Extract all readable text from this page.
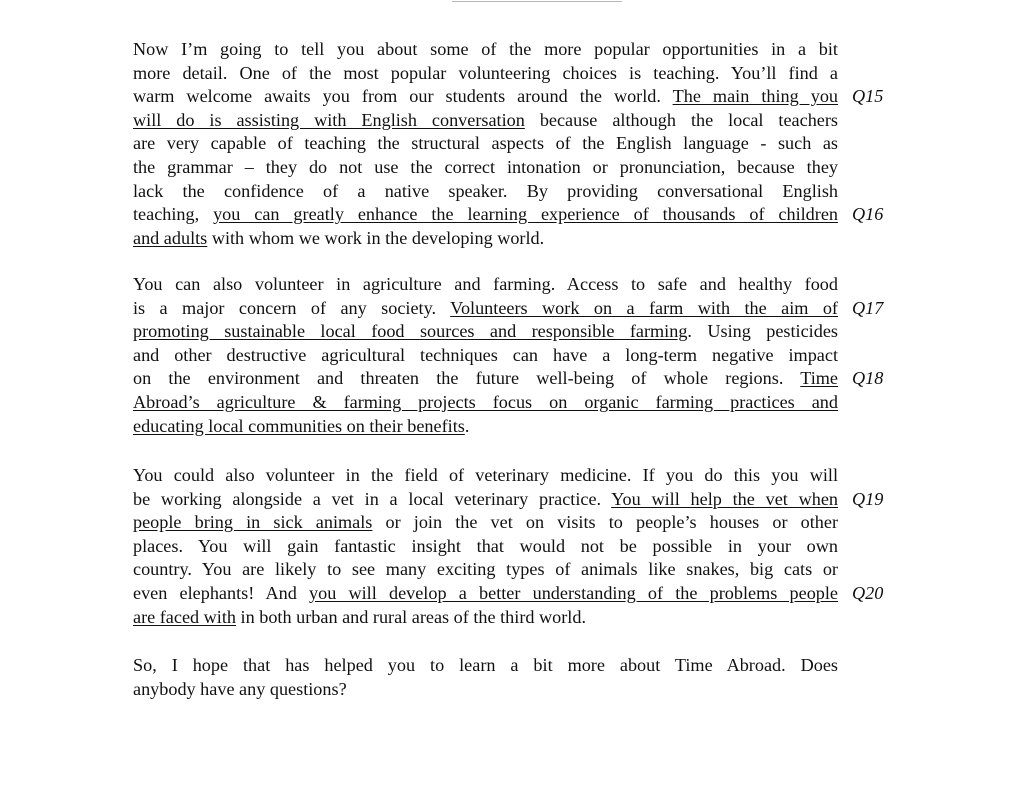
Now I’m going to tell you about some of the more popular opportunities in a bit
more detail. One of the most popular volunteering choices is teaching. You’ll find a
warm welcome awaits you from our students around the world. The main thing you
will do is assisting with English conversation because although the local teachers
are very capable of teaching the structural aspects of the English language - such as
the grammar – they do not use the correct intonation or pronunciation, because they
lack the confidence of a native speaker. By providing conversational English
teaching, you can greatly enhance the learning experience of thousands of children
and adults with whom we work in the developing world.
You can also volunteer in agriculture and farming. Access to safe and healthy food
is a major concern of any society. Volunteers work on a farm with the aim of
promoting sustainable local food sources and responsible farming. Using pesticides
and other destructive agricultural techniques can have a long-term negative impact
on the environment and threaten the future well-being of whole regions. Time
Abroad’s agriculture & farming projects focus on organic farming practices and
educating local communities on their benefits.
You could also volunteer in the field of veterinary medicine. If you do this you will
be working alongside a vet in a local veterinary practice. You will help the vet when
people bring in sick animals or join the vet on visits to people’s houses or other
places. You will gain fantastic insight that would not be possible in your own
country. You are likely to see many exciting types of animals like snakes, big cats or
even elephants! And you will develop a better understanding of the problems people
are faced with in both urban and rural areas of the third world.
So, I hope that has helped you to learn a bit more about Time Abroad. Does
anybody have any questions?
Q15
Q16
Q17
Q18
Q19
Q20
